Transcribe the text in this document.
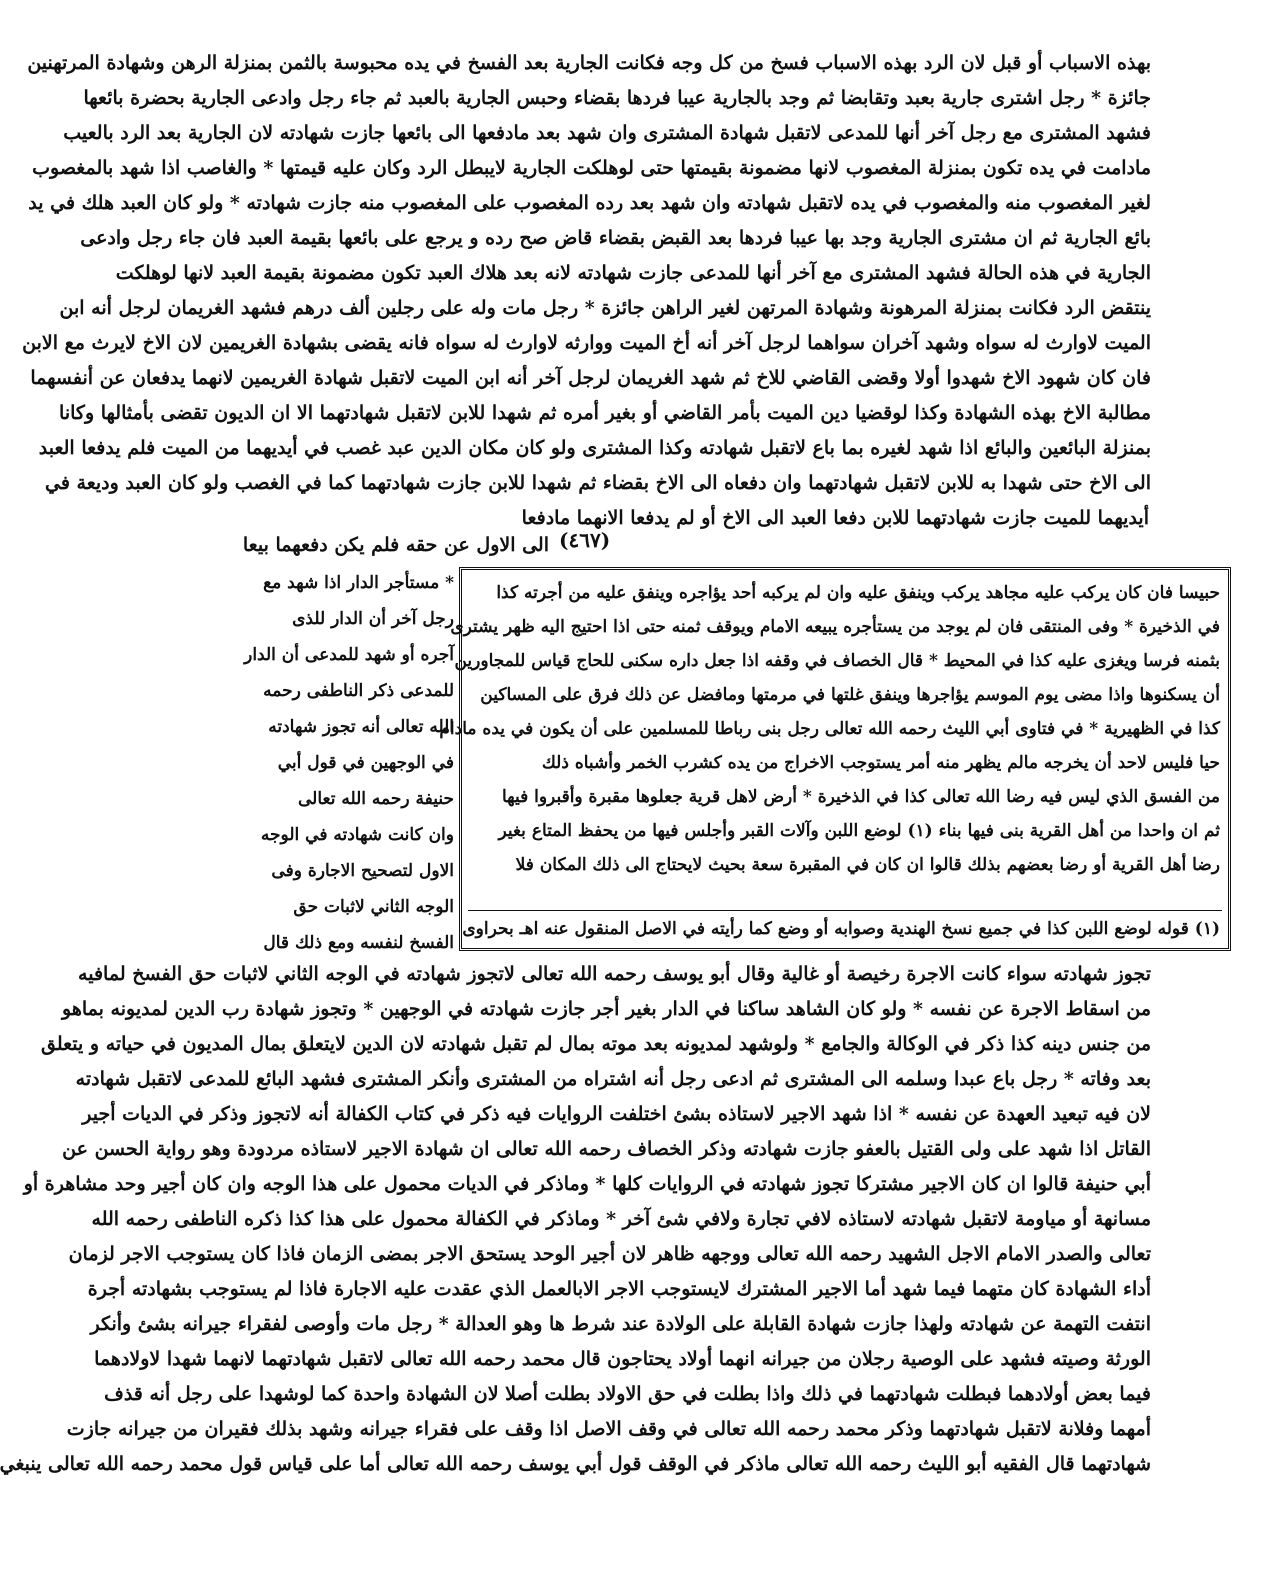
بهذه الاسباب أو قبل لان الرد بهذه الاسباب فسخ من كل وجه فكانت الجارية بعد الفسخ في يده محبوسة بالثمن بمنزلة الرهن وشهادة المرتهنين
جائزة * رجل اشترى جارية بعبد وتقابضا ثم وجد بالجارية عيبا فردها بقضاء وحبس الجارية بالعبد ثم جاء رجل وادعى الجارية بحضرة بائعها
فشهد المشترى مع رجل آخر أنها للمدعى لاتقبل شهادة المشترى وان شهد بعد مادفعها الى بائعها جازت شهادته لان الجارية بعد الرد بالعيب
مادامت في يده تكون بمنزلة المغصوب لانها مضمونة بقيمتها حتى لوهلكت الجارية لايبطل الرد وكان عليه قيمتها * والغاصب اذا شهد بالمغصوب
لغير المغصوب منه والمغصوب في يده لاتقبل شهادته وان شهد بعد رده المغصوب على المغصوب منه جازت شهادته * ولو كان العبد هلك في يد
بائع الجارية ثم ان مشترى الجارية وجد بها عيبا فردها بعد القبض بقضاء قاض صح رده و يرجع على بائعها بقيمة العبد فان جاء رجل وادعى
الجارية في هذه الحالة فشهد المشترى مع آخر أنها للمدعى جازت شهادته لانه بعد هلاك العبد تكون مضمونة بقيمة العبد لانها لوهلكت
ينتقض الرد فكانت بمنزلة المرهونة وشهادة المرتهن لغير الراهن جائزة * رجل مات وله على رجلين ألف درهم فشهد الغريمان لرجل أنه ابن
الميت لاوارث له سواه وشهد آخران سواهما لرجل آخر أنه أخ الميت ووارثه لاوارث له سواه فانه يقضى بشهادة الغريمين لان الاخ لايرث مع الابن
فان كان شهود الاخ شهدوا أولا وقضى القاضي للاخ ثم شهد الغريمان لرجل آخر أنه ابن الميت لاتقبل شهادة الغريمين لانهما يدفعان عن أنفسهما
مطالبة الاخ بهذه الشهادة وكذا لوقضيا دين الميت بأمر القاضي أو بغير أمره ثم شهدا للابن لاتقبل شهادتهما الا ان الديون تقضى بأمثالها وكانا
بمنزلة البائعين والبائع اذا شهد لغيره بما باع لاتقبل شهادته وكذا المشترى ولو كان مكان الدين عبد غصب في أيديهما من الميت فلم يدفعا العبد
الى الاخ حتى شهدا به للابن لاتقبل شهادتهما وان دفعاه الى الاخ بقضاء ثم شهدا للابن جازت شهادتهما كما في الغصب ولو كان العبد وديعة في
أيديهما للميت جازت شهادتهما للابن دفعا العبد الى الاخ أو لم يدفعا الانهما مادفعا
الى الاول عن حقه فلم يكن دفعهما بيعا (٤٦٧)
* مستأجر الدار اذا شهد مع
رجل آخر أن الدار للذى
آجره أو شهد للمدعى أن الدار
للمدعى ذكر الناطفى رحمه
الله تعالى أنه تجوز شهادته
في الوجهين في قول أبي
حنيفة رحمه الله تعالى
وان كانت شهادته في الوجه
الاول لتصحيح الاجارة وفى
الوجه الثاني لاثبات حق
الفسخ لنفسه ومع ذلك قال
حبيسا فان كان يركب عليه مجاهد يركب وينفق عليه وان لم يركبه أحد يؤاجره وينفق عليه من أجرته كذا
في الذخيرة * وفى المنتقى فان لم يوجد من يستأجره يبيعه الامام ويوقف ثمنه حتى اذا احتيج اليه ظهر يشترى
بثمنه فرسا ويغزى عليه كذا في المحيط * قال الخصاف في وقفه اذا جعل داره سكنى للحاج قياس للمجاورين
أن يسكنوها واذا مضى يوم الموسم يؤاجرها وينفق غلتها في مرمتها ومافضل عن ذلك فرق على المساكين
كذا في الظهيرية * في فتاوى أبي الليث رحمه الله تعالى رجل بنى رباطا للمسلمين على أن يكون في يده مادام
حيا فليس لاحد أن يخرجه مالم يظهر منه أمر يستوجب الاخراج من يده كشرب الخمر وأشباه ذلك
من الفسق الذي ليس فيه رضا الله تعالى كذا في الذخيرة * أرض لاهل قرية جعلوها مقبرة وأقبروا فيها
ثم ان واحدا من أهل القرية بنى فيها بناء (١) لوضع اللبن وآلات القبر وأجلس فيها من يحفظ المتاع بغير
رضا أهل القرية أو رضا بعضهم بذلك قالوا ان كان في المقبرة سعة بحيث لايحتاج الى ذلك المكان فلا
(١) قوله لوضع اللبن كذا في جميع نسخ الهندية وصوابه أو وضع كما رأيته في الاصل المنقول عنه اهـ بحراوى
تجوز شهادته سواء كانت الاجرة رخيصة أو غالية وقال أبو يوسف رحمه الله تعالى لاتجوز شهادته في الوجه الثاني لاثبات حق الفسخ لمافيه
من اسقاط الاجرة عن نفسه * ولو كان الشاهد ساكنا في الدار بغير أجر جازت شهادته في الوجهين * وتجوز شهادة رب الدين لمديونه بماهو
من جنس دينه كذا ذكر في الوكالة والجامع * ولوشهد لمديونه بعد موته بمال لم تقبل شهادته لان الدين لايتعلق بمال المديون في حياته و يتعلق
بعد وفاته * رجل باع عبدا وسلمه الى المشترى ثم ادعى رجل أنه اشتراه من المشترى وأنكر المشترى فشهد البائع للمدعى لاتقبل شهادته
لان فيه تبعيد العهدة عن نفسه * اذا شهد الاجير لاستاذه بشئ اختلفت الروايات فيه ذكر في كتاب الكفالة أنه لاتجوز وذكر في الديات أجير
القاتل اذا شهد على ولى القتيل بالعفو جازت شهادته وذكر الخصاف رحمه الله تعالى ان شهادة الاجير لاستاذه مردودة وهو رواية الحسن عن
أبي حنيفة قالوا ان كان الاجير مشتركا تجوز شهادته في الروايات كلها * وماذكر في الديات محمول على هذا الوجه وان كان أجير وحد مشاهرة أو
مسانهة أو مياومة لاتقبل شهادته لاستاذه لافي تجارة ولافي شئ آخر * وماذكر في الكفالة محمول على هذا كذا ذكره الناطفى رحمه الله
تعالى والصدر الامام الاجل الشهيد رحمه الله تعالى ووجهه ظاهر لان أجير الوحد يستحق الاجر بمضى الزمان فاذا كان يستوجب الاجر لزمان
أداء الشهادة كان متهما فيما شهد أما الاجير المشترك لايستوجب الاجر الابالعمل الذي عقدت عليه الاجارة فاذا لم يستوجب بشهادته أجرة
انتفت التهمة عن شهادته ولهذا جازت شهادة القابلة على الولادة عند شرط ها وهو العدالة * رجل مات وأوصى لفقراء جيرانه بشئ وأنكر
الورثة وصيته فشهد على الوصية رجلان من جيرانه انهما أولاد يحتاجون قال محمد رحمه الله تعالى لاتقبل شهادتهما لانهما شهدا لاولادهما
فيما بعض أولادهما فبطلت شهادتهما في ذلك واذا بطلت في حق الاولاد بطلت أصلا لان الشهادة واحدة كما لوشهدا على رجل أنه قذف
أمهما وفلانة لاتقبل شهادتهما وذكر محمد رحمه الله تعالى في وقف الاصل اذا وقف على فقراء جيرانه وشهد بذلك فقيران من جيرانه جازت
شهادتهما قال الفقيه أبو الليث رحمه الله تعالى ماذكر في الوقف قول أبي يوسف رحمه الله تعالى أما على قياس قول محمد رحمه الله تعالى ينبغي
